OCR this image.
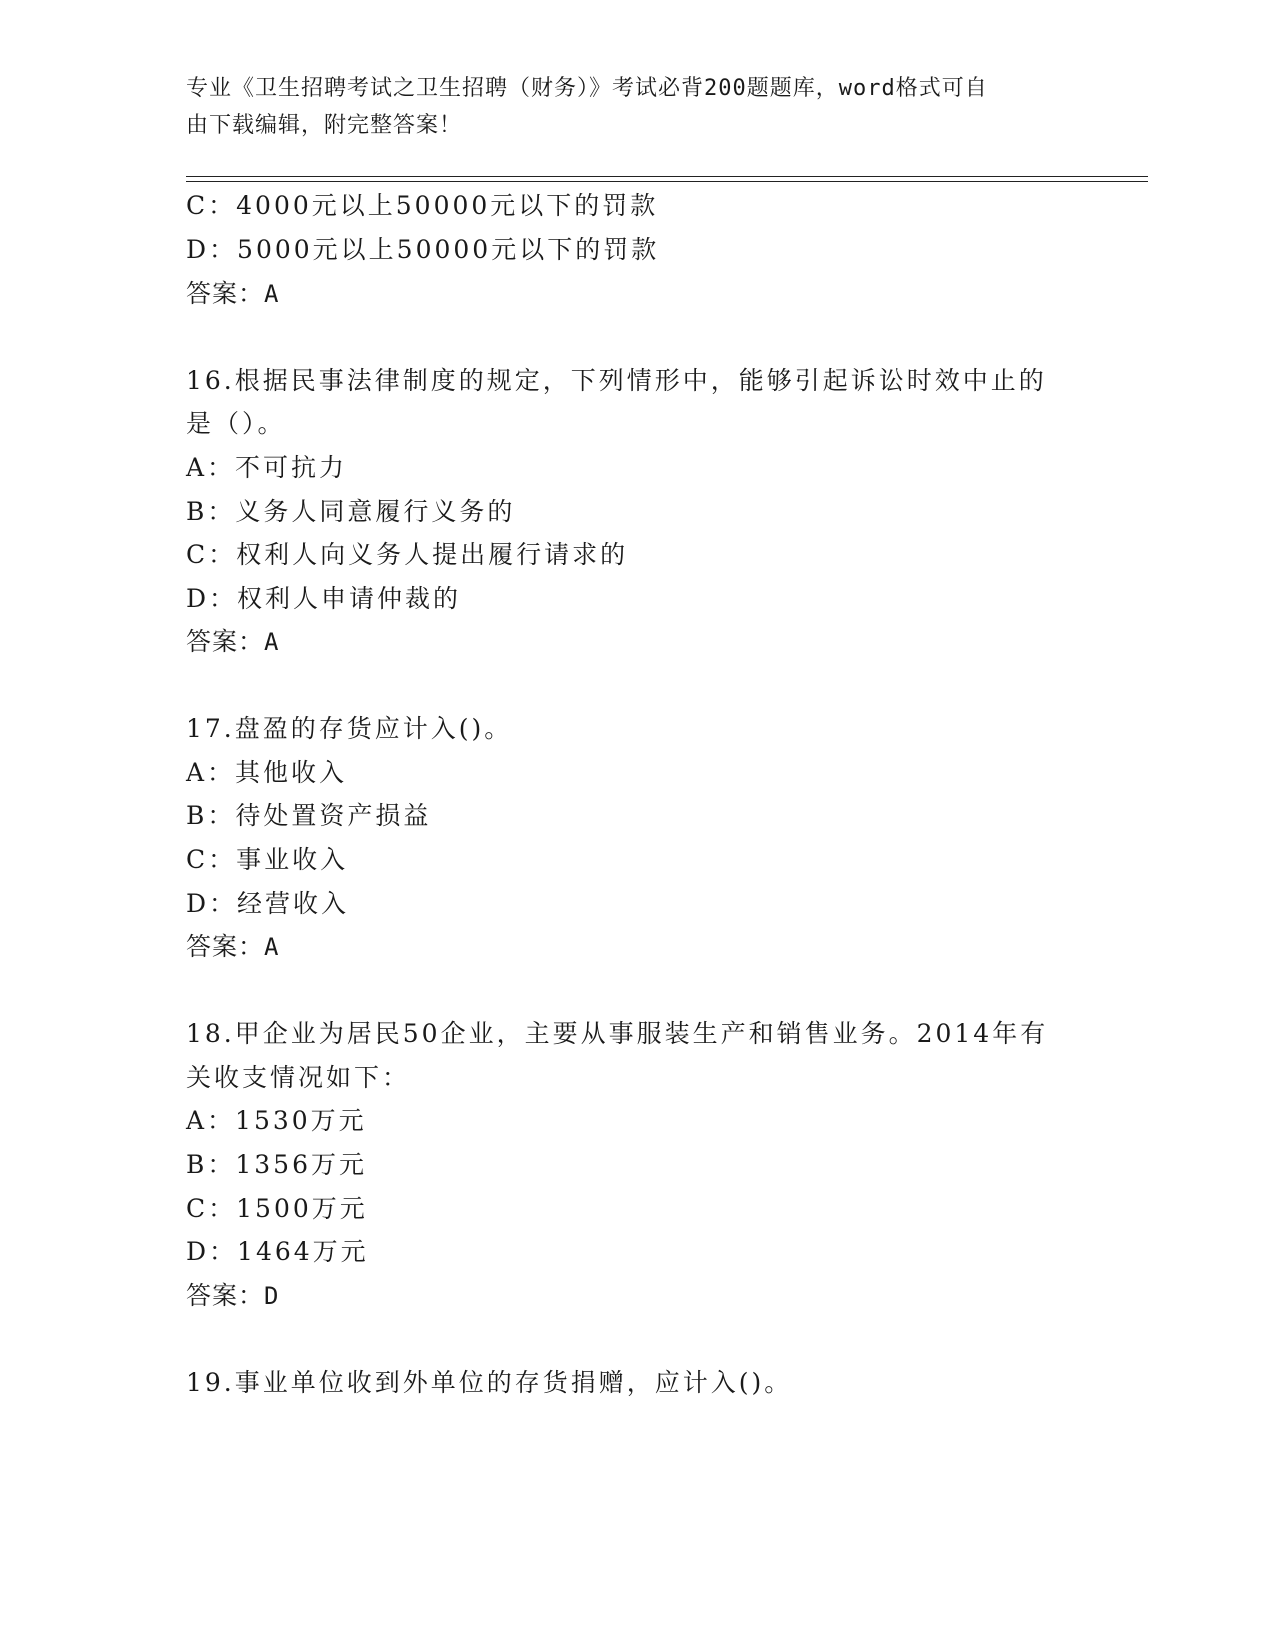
专业《卫生招聘考试之卫生招聘（财务）》考试必背200题题库，word格式可自
由下载编辑，附完整答案！
C：4000元以上50000元以下的罚款
D：5000元以上50000元以下的罚款
答案：A
16.根据民事法律制度的规定，下列情形中，能够引起诉讼时效中止的
是（）。
A：不可抗力
B：义务人同意履行义务的
C：权利人向义务人提出履行请求的
D：权利人申请仲裁的
答案：A
17.盘盈的存货应计入()。
A：其他收入
B：待处置资产损益
C：事业收入
D：经营收入
答案：A
18.甲企业为居民50企业，主要从事服装生产和销售业务。2014年有
关收支情况如下：
A：1530万元
B：1356万元
C：1500万元
D：1464万元
答案：D
19.事业单位收到外单位的存货捐赠，应计入()。
